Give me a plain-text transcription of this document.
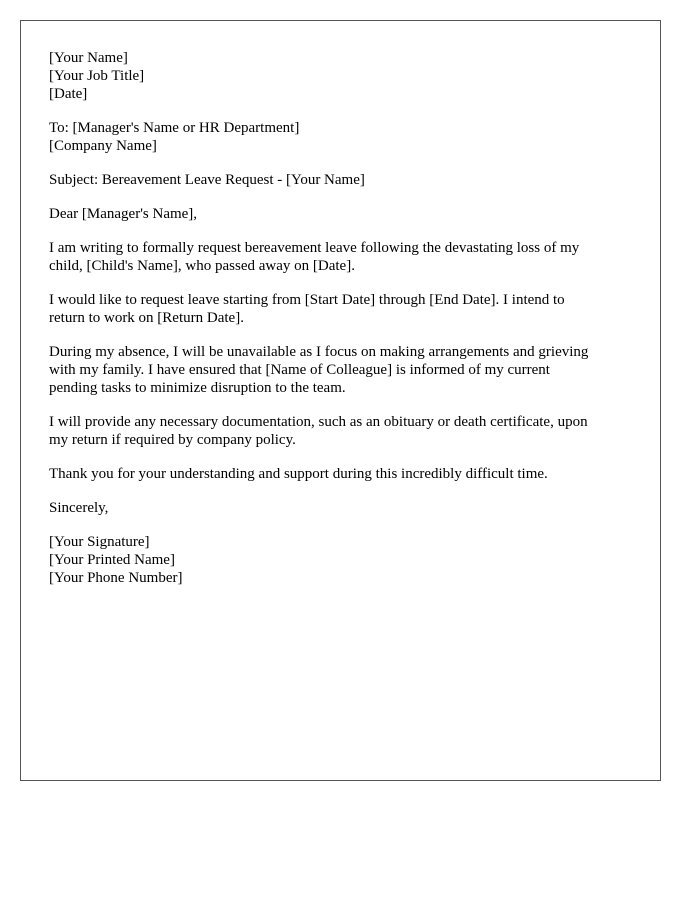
[Your Name]
[Your Job Title]
[Date]
To: [Manager's Name or HR Department]
[Company Name]
Subject: Bereavement Leave Request - [Your Name]
Dear [Manager's Name],
I am writing to formally request bereavement leave following the devastating loss of my
child, [Child's Name], who passed away on [Date].
I would like to request leave starting from [Start Date] through [End Date]. I intend to
return to work on [Return Date].
During my absence, I will be unavailable as I focus on making arrangements and grieving
with my family. I have ensured that [Name of Colleague] is informed of my current
pending tasks to minimize disruption to the team.
I will provide any necessary documentation, such as an obituary or death certificate, upon
my return if required by company policy.
Thank you for your understanding and support during this incredibly difficult time.
Sincerely,
[Your Signature]
[Your Printed Name]
[Your Phone Number]
